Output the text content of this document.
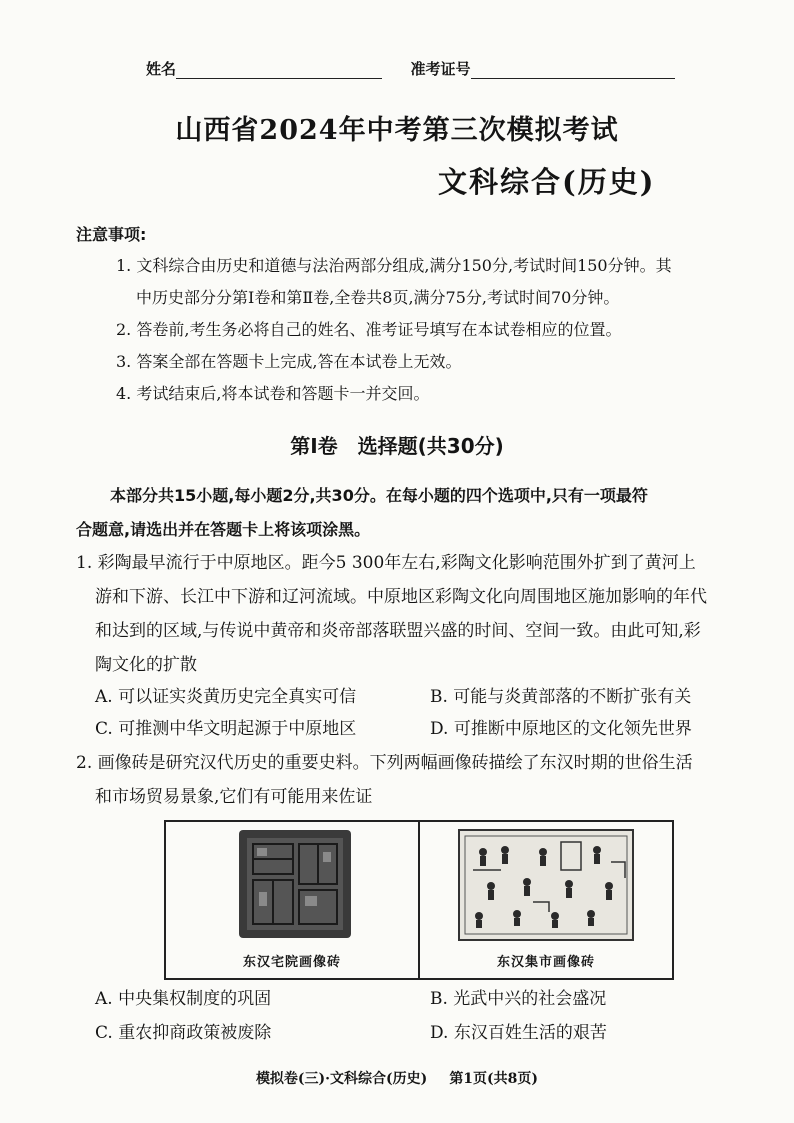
姓名	准考证号
山西省2024年中考第三次模拟考试
文科综合(历史)
注意事项:
1. 文科综合由历史和道德与法治两部分组成,满分150分,考试时间150分钟。其
中历史部分分第Ⅰ卷和第Ⅱ卷,全卷共8页,满分75分,考试时间70分钟。
2. 答卷前,考生务必将自己的姓名、准考证号填写在本试卷相应的位置。
3. 答案全部在答题卡上完成,答在本试卷上无效。
4. 考试结束后,将本试卷和答题卡一并交回。
第Ⅰ卷　选择题(共30分)
本部分共15小题,每小题2分,共30分。在每小题的四个选项中,只有一项最符
合题意,请选出并在答题卡上将该项涂黑。
1. 彩陶最早流行于中原地区。距今5 300年左右,彩陶文化影响范围外扩到了黄河上
游和下游、长江中下游和辽河流域。中原地区彩陶文化向周围地区施加影响的年代
和达到的区域,与传说中黄帝和炎帝部落联盟兴盛的时间、空间一致。由此可知,彩
陶文化的扩散
A. 可以证实炎黄历史完全真实可信	B. 可能与炎黄部落的不断扩张有关
C. 可推测中华文明起源于中原地区	D. 可推断中原地区的文化领先世界
2. 画像砖是研究汉代历史的重要史料。下列两幅画像砖描绘了东汉时期的世俗生活
和市场贸易景象,它们有可能用来佐证
东汉宅院画像砖	东汉集市画像砖
A. 中央集权制度的巩固	B. 光武中兴的社会盛况
C. 重农抑商政策被废除	D. 东汉百姓生活的艰苦
模拟卷(三)·文科综合(历史) 第1页(共8页)
